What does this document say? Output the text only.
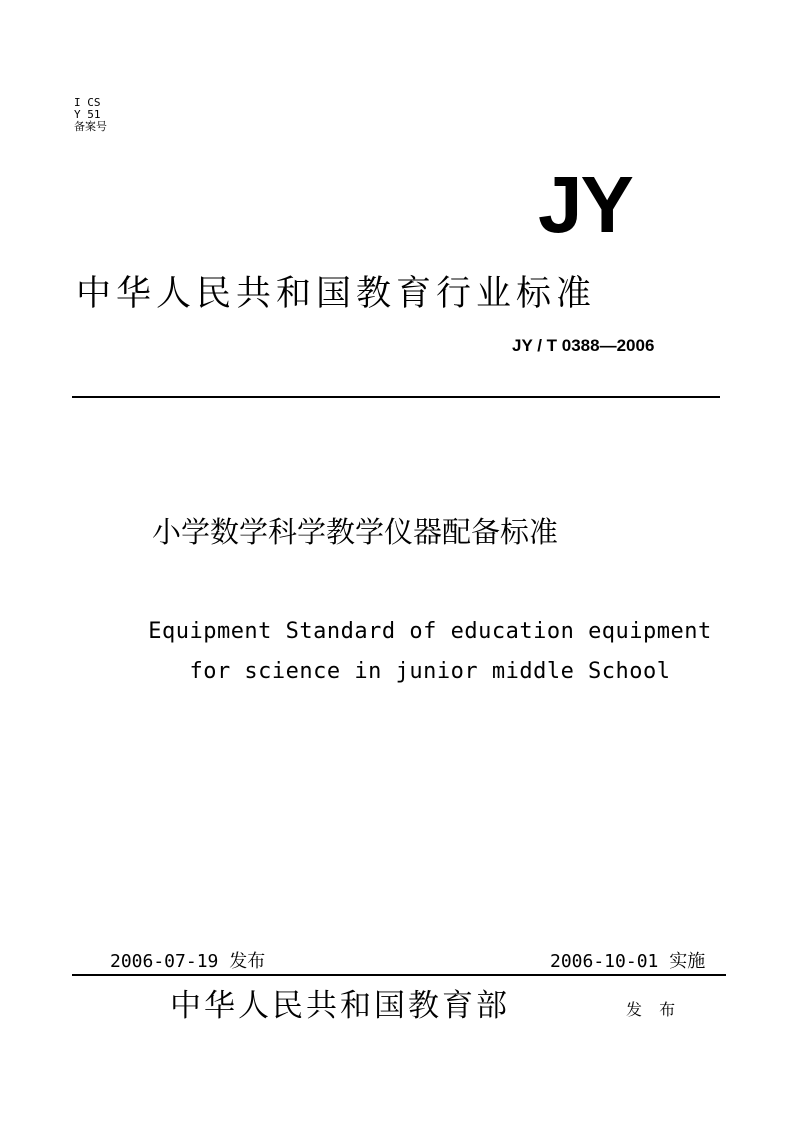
I CS
Y 51
备案号
JY
中华人民共和国教育行业标准
JY / T 0388—2006
小学数学科学教学仪器配备标准
Equipment Standard of education equipment
for science in junior middle School
2006-07-19 发布	2006-10-01 实施
中华人民共和国教育部	发 布
